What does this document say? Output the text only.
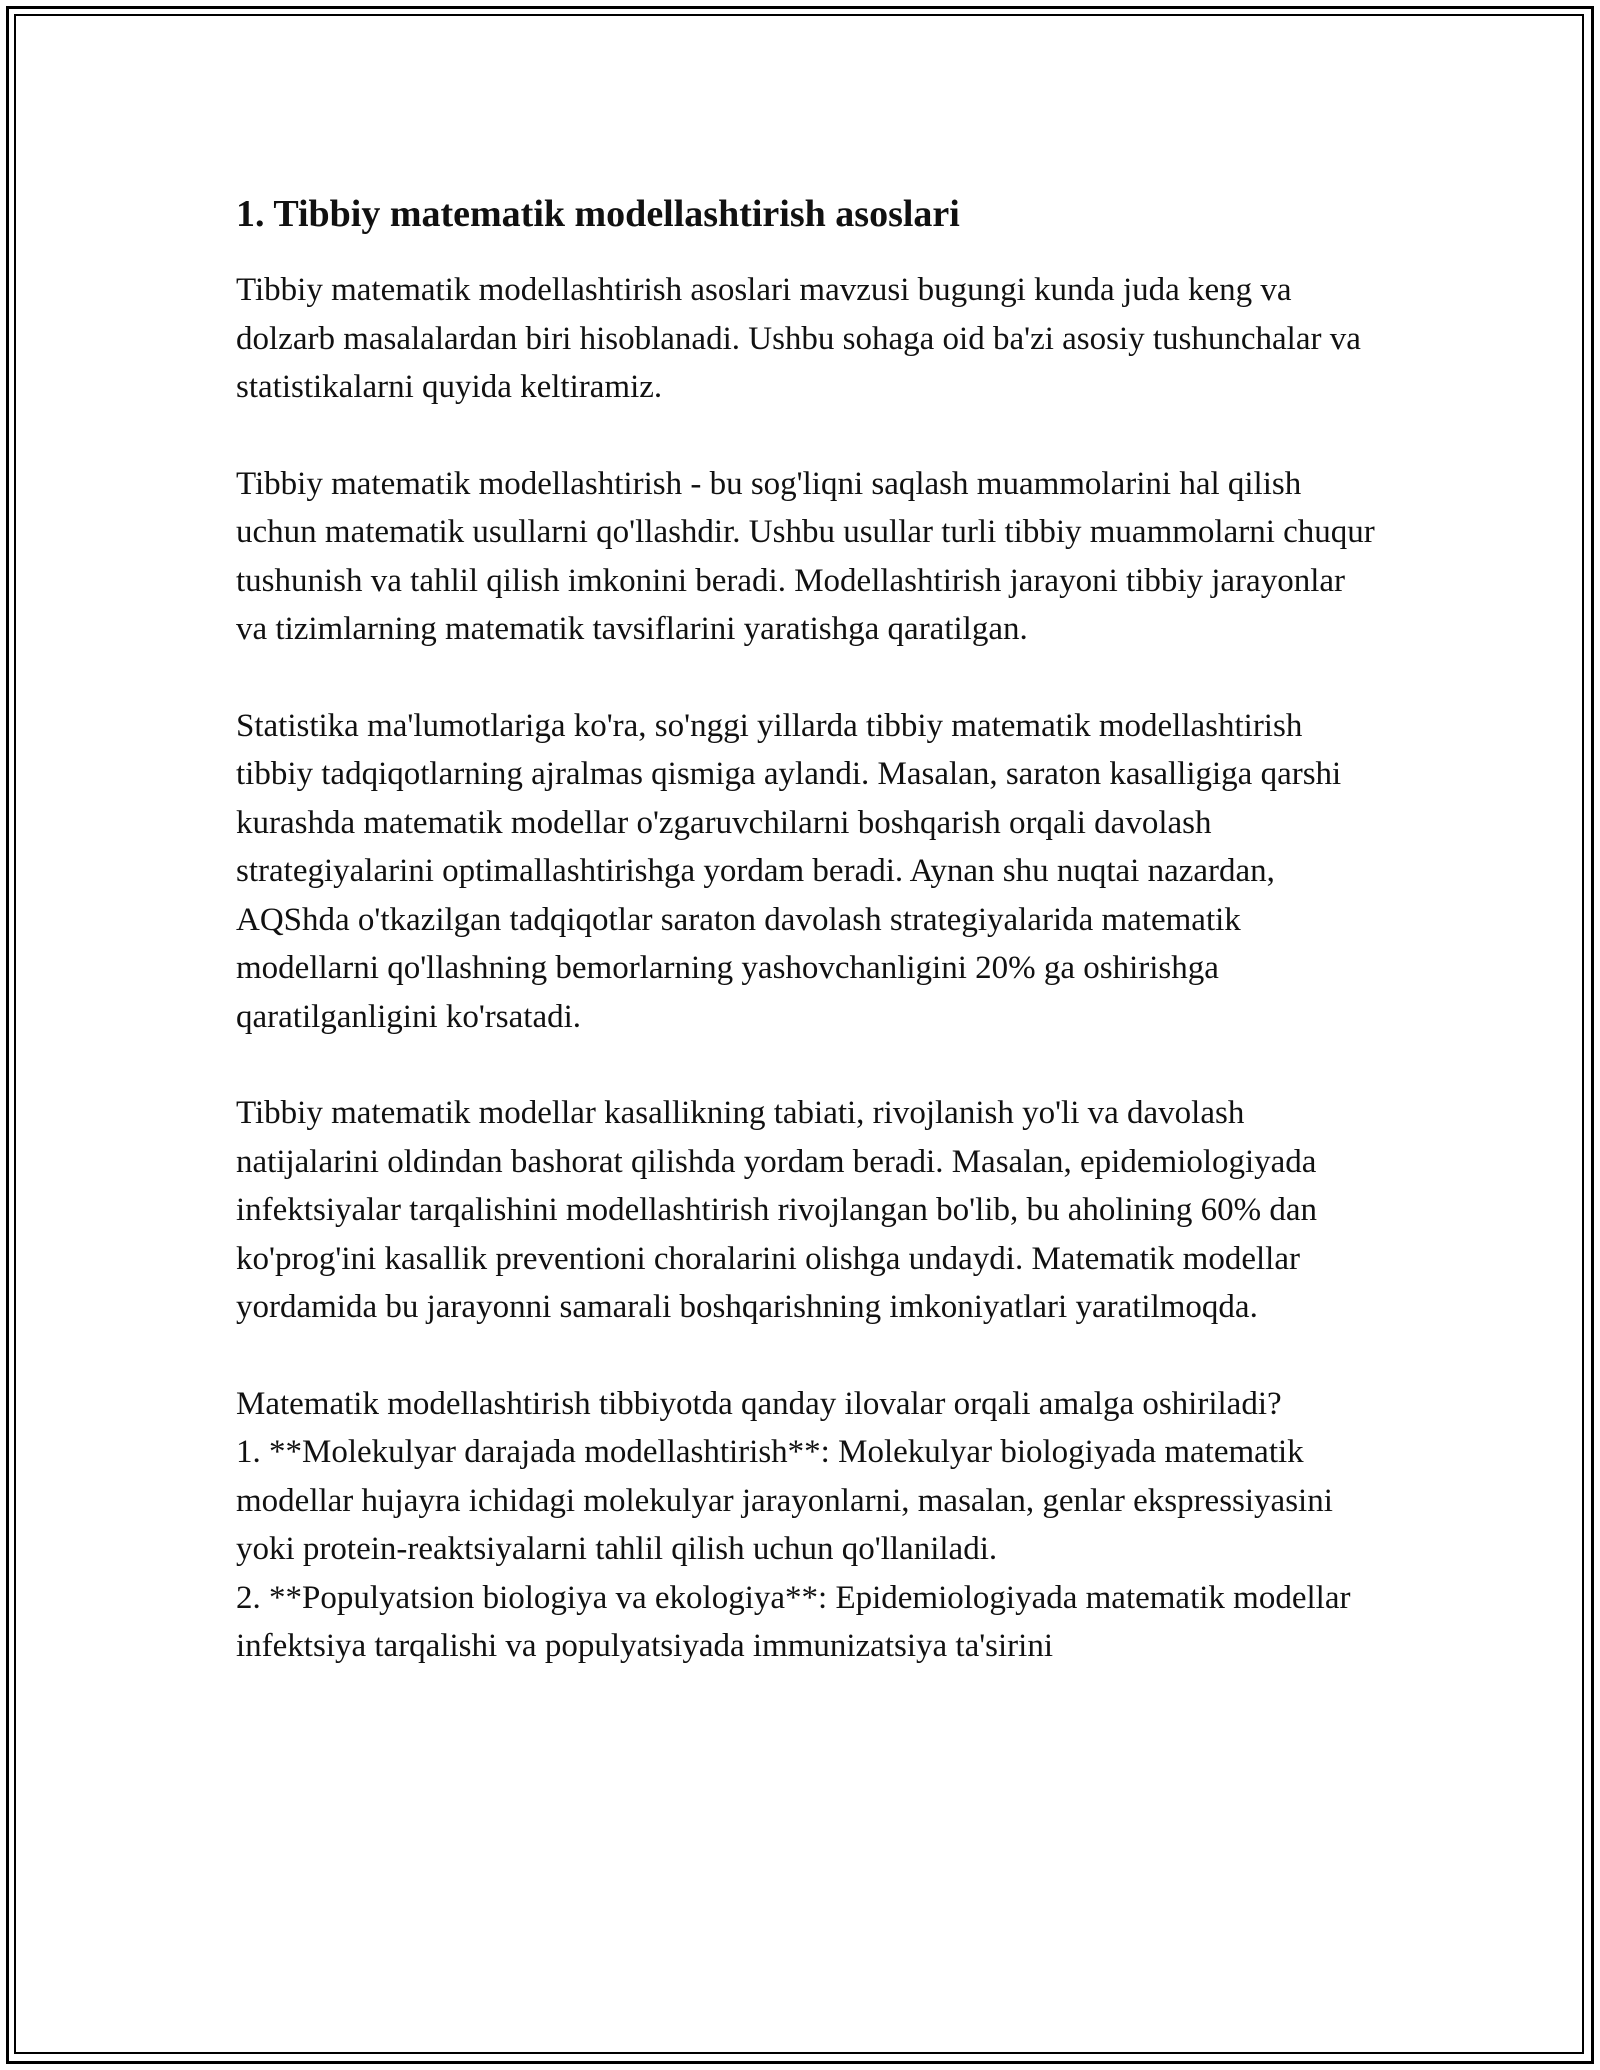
1. Tibbiy matematik modellashtirish asoslari

Tibbiy matematik modellashtirish asoslari mavzusi bugungi kunda juda keng va dolzarb masalalardan biri hisoblanadi. Ushbu sohaga oid ba'zi asosiy tushunchalar va statistikalarni quyida keltiramiz.

Tibbiy matematik modellashtirish - bu sog'liqni saqlash muammolarini hal qilish uchun matematik usullarni qo'llashdir. Ushbu usullar turli tibbiy muammolarni chuqur tushunish va tahlil qilish imkonini beradi. Modellashtirish jarayoni tibbiy jarayonlar va tizimlarning matematik tavsiflarini yaratishga qaratilgan.

Statistika ma'lumotlariga ko'ra, so'nggi yillarda tibbiy matematik modellashtirish tibbiy tadqiqotlarning ajralmas qismiga aylandi. Masalan, saraton kasalligiga qarshi kurashda matematik modellar o'zgaruvchilarni boshqarish orqali davolash strategiyalarini optimallashtirishga yordam beradi. Aynan shu nuqtai nazardan, AQShda o'tkazilgan tadqiqotlar saraton davolash strategiyalarida matematik modellarni qo'llashning bemorlarning yashovchanligini 20% ga oshirishga qaratilganligini ko'rsatadi.

Tibbiy matematik modellar kasallikning tabiati, rivojlanish yo'li va davolash natijalarini oldindan bashorat qilishda yordam beradi. Masalan, epidemiologiyada infektsiyalar tarqalishini modellashtirish rivojlangan bo'lib, bu aholining 60% dan ko'prog'ini kasallik preventioni choralarini olishga undaydi. Matematik modellar yordamida bu jarayonni samarali boshqarishning imkoniyatlari yaratilmoqda.

Matematik modellashtirish tibbiyotda qanday ilovalar orqali amalga oshiriladi?
1. **Molekulyar darajada modellashtirish**: Molekulyar biologiyada matematik modellar hujayra ichidagi molekulyar jarayonlarni, masalan, genlar ekspressiyasini yoki protein-reaktsiyalarni tahlil qilish uchun qo'llaniladi.
2. **Populyatsion biologiya va ekologiya**: Epidemiologiyada matematik modellar infektsiya tarqalishi va populyatsiyada immunizatsiya ta'sirini
